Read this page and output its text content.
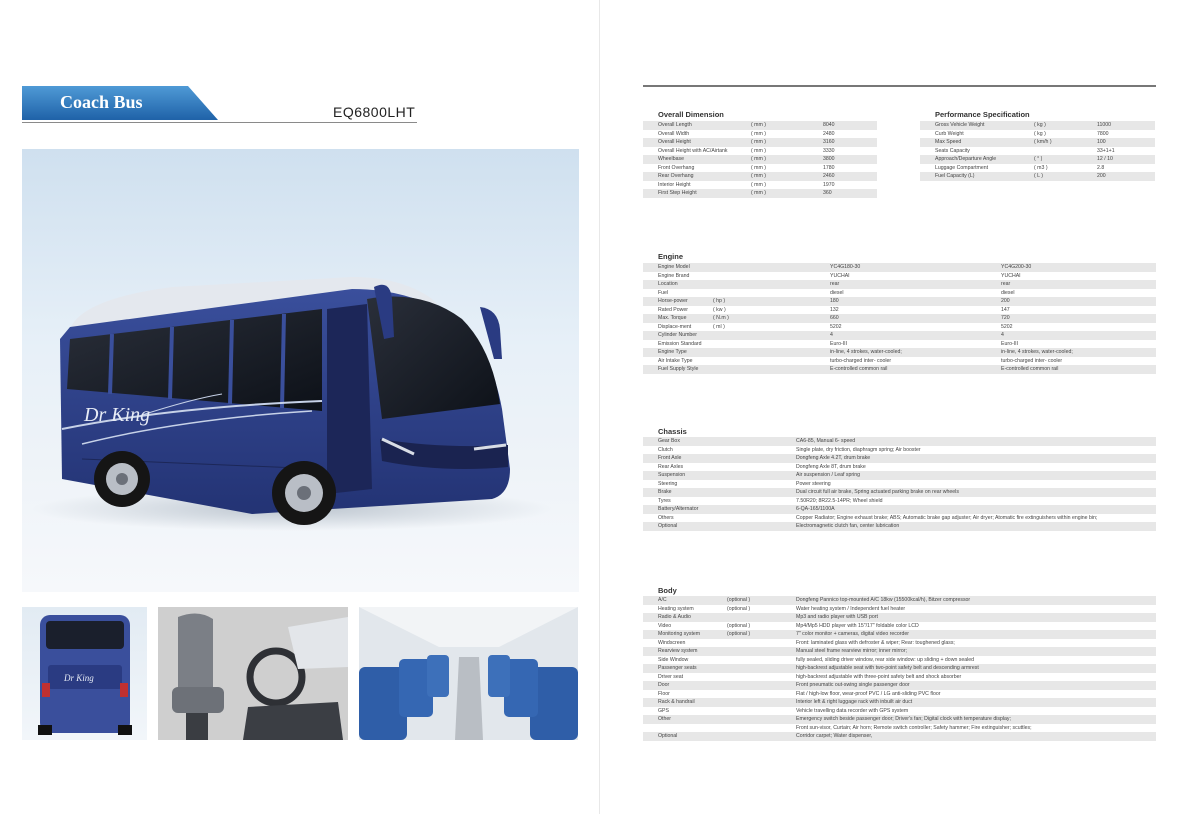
Coach Bus	EQ6800LHT
Dr King
Dr King
Overall Dimension
Overall Length	( mm )	8040
Overall Width	( mm )	2480
Overall Height	( mm )	3160
Overall Height with AC/Airtank	( mm )	3330
Wheelbase	( mm )	3800
Front Overhang	( mm )	1780
Rear Overhang	( mm )	2460
Interior Height	( mm )	1970
First Step Height	( mm )	360
Performance Specification
Gross Vehicle Weight	( kg )	11000
Curb Weight	( kg )	7800
Max Speed	( km/h )	100
Seats Capacity	33+1+1
Approach/Departure Angle	( ° )	12 / 10
Luggage Compartment	( m3 )	2.8
Fuel Capacity (L)	( L )	200
Engine
Engine Model	YC4G180-30	YC4G200-30
Engine Brand	YUCHAI	YUCHAI
Location	rear	rear
Fuel	diesel	diesel
Horse-power	( hp )	180	200
Rated Power	( kw )	132	147
Max. Torque	( N.m )	660	720
Displace-ment	( ml )	5202	5202
Cylinder Number	4	4
Emission Standard	Euro-III	Euro-III
Engine Type	in-line, 4 strokes, water-cooled;	in-line, 4 strokes, water-cooled;
Air Intake Type	turbo-charged inter- cooler	turbo-charged inter- cooler
Fuel Supply Style	E-controlled common rail	E-controlled common rail
Chassis
Gear Box	CA6-85, Manual 6- speed
Clutch	Single plate, dry friction, diaphragm spring; Air booster
Front Axle	Dongfeng Axle 4.2T, drum brake
Rear Axles	Dongfeng Axle 8T, drum brake
Suspension	Air suspension / Leaf spring
Steering	Power steering
Brake	Dual circuit full air brake, Spring actuated parking brake on rear wheels
Tyres	7.50R20; 8R22.5-14PR; Wheel shield
Battery/Alternator	6-QA-165/1100A
Others	Copper Radiator; Engine exhaust brake; ABS; Automatic brake gap adjuster; Air dryer; Atomatic fire extinguishers within engine bin;
Optional	Electromagnetic clutch fan, center lubrication
Body
A/C	(optional )	Dongfeng Pannico top-mounted A/C 18kw (15500kcal/h), Bitzer compressor
Heating system	(optional )	Water heating system / Independent fuel heater
Radio & Audio	Mp3 and radio player with USB port
Video	(optional )	Mp4/Mp5 HDD player with 15"/17" foldable color LCD
Monitoring system	(optional )	7" color monitor + cameras, digital video recorder
Windscreen	Front: laminated glass with defroster & wiper; Rear: toughened glass;
Rearview system	Manual steel frame rearview mirror; inner mirror;
Side Window	fully sealed, sliding driver window, rear side window: up sliding + down sealed
Passenger seats	high-backrest adjustable seat with two-point safety belt and descending armrest
Driver seat	high-backrest adjustable with three-point safety belt and shock absorber
Door	Front pneumatic out-swing single passenger door
Floor	Flat / high-low floor, wear-proof PVC / LG anti-sliding PVC floor
Rack & handrail	Interior left & right luggage rack with inbuilt air duct
GPS	Vehicle travelling data recorder with GPS system
Other	Emergency switch beside passenger door; Driver's fan; Digital clock with temperature display;
Front sun-visor, Curtain; Air horn; Remote switch controller; Safety hammer; Fire extinguisher; scuttles;
Optional	Corridor carpet; Water dispenser,
